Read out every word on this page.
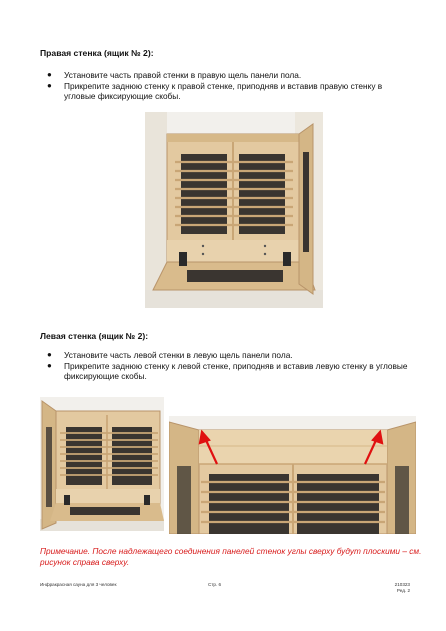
Правая стенка (ящик № 2):

● Установите часть правой стенки в правую щель панели пола.
● Прикрепите заднюю стенку к правой стенке, приподняв и вставив правую стенку в угловые фиксирующие скобы.

Левая стенка (ящик № 2):

● Установите часть левой стенки в левую щель панели пола.
● Прикрепите заднюю стенку к левой стенке, приподняв и вставив левую стенку в угловые фиксирующие скобы.

Примечание. После надлежащего соединения панелей стенок углы сверху будут плоскими – см. рисунок справа сверху.

Инфракрасная сауна для 3 человек	Стр. 6	210323
Ред. 2
